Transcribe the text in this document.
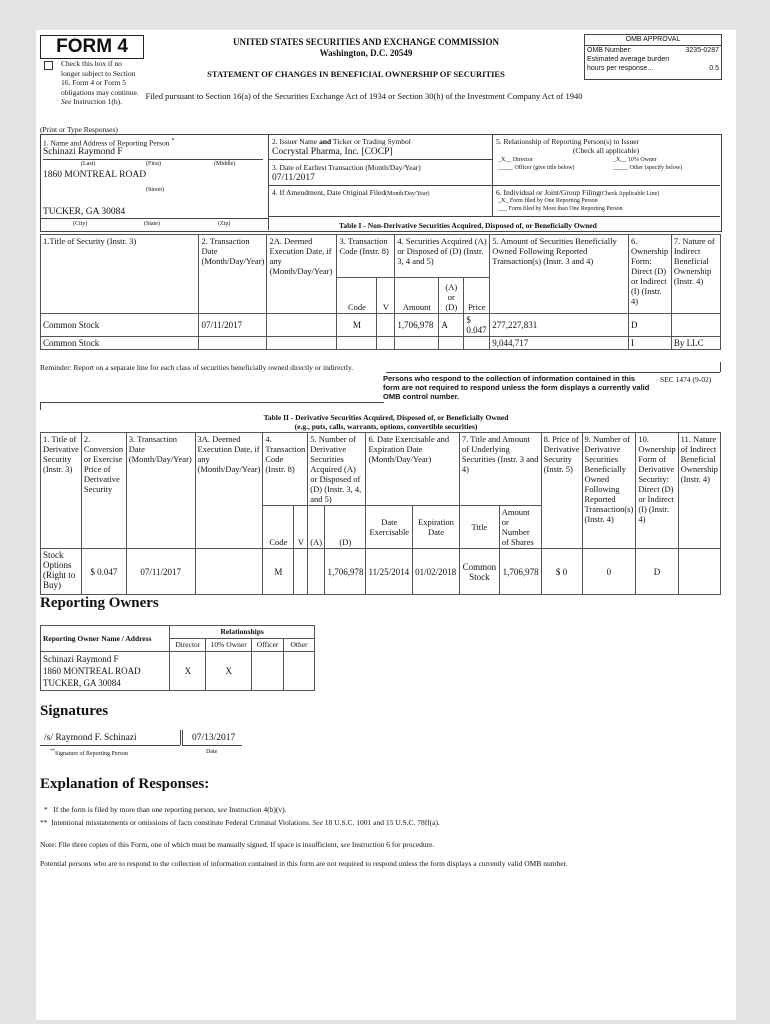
FORM 4
Check this box if no longer subject to Section 16. Form 4 or Form 5 obligations may continue. See Instruction 1(b).
UNITED STATES SECURITIES AND EXCHANGE COMMISSION
Washington, D.C. 20549
STATEMENT OF CHANGES IN BENEFICIAL OWNERSHIP OF SECURITIES
Filed pursuant to Section 16(a) of the Securities Exchange Act of 1934 or Section 30(h) of the Investment Company Act of 1940
OMB APPROVAL
OMB Number:	3235-0287
Estimated average burden
hours per response...	0.5
(Print or Type Responses)
1. Name and Address of Reporting Person *
Schinazi Raymond F
(Last)	(First)	(Middle)
1860 MONTREAL ROAD
(Street)
TUCKER, GA 30084
(City)	(State)	(Zip)
2. Issuer Name and Ticker or Trading Symbol
Cocrystal Pharma, Inc. [COCP]
3. Date of Earliest Transaction (Month/Day/Year)
07/11/2017
4. If Amendment, Date Original Filed(Month/Day/Year)
5. Relationship of Reporting Person(s) to Issuer
(Check all applicable)
_X__ Director	_X__ 10% Owner
_____ Officer (give title below)	_____ Other (specify below)
6. Individual or Joint/Group Filing(Check Applicable Line)
_X_ Form filed by One Reporting Person
___ Form filed by More than One Reporting Person
Table I - Non-Derivative Securities Acquired, Disposed of, or Beneficially Owned
1.Title of Security (Instr. 3)	2. Transaction Date (Month/Day/Year)	2A. Deemed Execution Date, if any (Month/Day/Year)	3. Transaction Code (Instr. 8)		4. Securities Acquired (A) or Disposed of (D) (Instr. 3, 4 and 5)			5. Amount of Securities Beneficially Owned Following Reported Transaction(s) (Instr. 3 and 4)	6. Ownership Form: Direct (D) or Indirect (I) (Instr. 4)	7. Nature of Indirect Beneficial Ownership (Instr. 4)
			Code	V	Amount	(A) or (D)	Price			
Common Stock	07/11/2017		M		1,706,978	A	$ 0.047	277,227,831	D	
Common Stock								9,044,717	I	By LLC
Reminder: Report on a separate line for each class of securities beneficially owned directly or indirectly.
Persons who respond to the collection of information contained in this form are not required to respond unless the form displays a currently valid OMB control number.
SEC 1474 (9-02)
Table II - Derivative Securities Acquired, Disposed of, or Beneficially Owned
(e.g., puts, calls, warrants, options, convertible securities)
1. Title of Derivative Security (Instr. 3)	2. Conversion or Exercise Price of Derivative Security	3. Transaction Date (Month/Day/Year)	3A. Deemed Execution Date, if any (Month/Day/Year)	4. Transaction Code (Instr. 8)		5. Number of Derivative Securities Acquired (A) or Disposed of (D) (Instr. 3, 4, and 5)		6. Date Exercisable and Expiration Date (Month/Day/Year)		7. Title and Amount of Underlying Securities (Instr. 3 and 4)		8. Price of Derivative Security (Instr. 5)	9. Number of Derivative Securities Beneficially Owned Following Reported Transaction(s) (Instr. 4)	10. Ownership Form of Derivative Security: Direct (D) or Indirect (I) (Instr. 4)	11. Nature of Indirect Beneficial Ownership (Instr. 4)
				Code	V	(A)	(D)	Date Exercisable	Expiration Date	Title	Amount or Number of Shares				
Stock Options (Right to Buy)	$ 0.047	07/11/2017		M			1,706,978	11/25/2014	01/02/2018	Common Stock	1,706,978	$ 0	0	D	
Reporting Owners
Reporting Owner Name / Address	Relationships			
	Director	10% Owner	Officer	Other

Schinazi Raymond F
1860 MONTREAL ROAD
TUCKER, GA 30084	X	X		
Signatures
/s/ Raymond F. Schinazi
**Signature of Reporting Person
07/13/2017
Date
Explanation of Responses:
* If the form is filed by more than one reporting person, see Instruction 4(b)(v).
** Intentional misstatements or omissions of facts constitute Federal Criminal Violations. See 18 U.S.C. 1001 and 15 U.S.C. 78ff(a).
Note: File three copies of this Form, one of which must be manually signed. If space is insufficient, see Instruction 6 for procedure.
Potential persons who are to respond to the collection of information contained in this form are not required to respond unless the form displays a currently valid OMB number.
